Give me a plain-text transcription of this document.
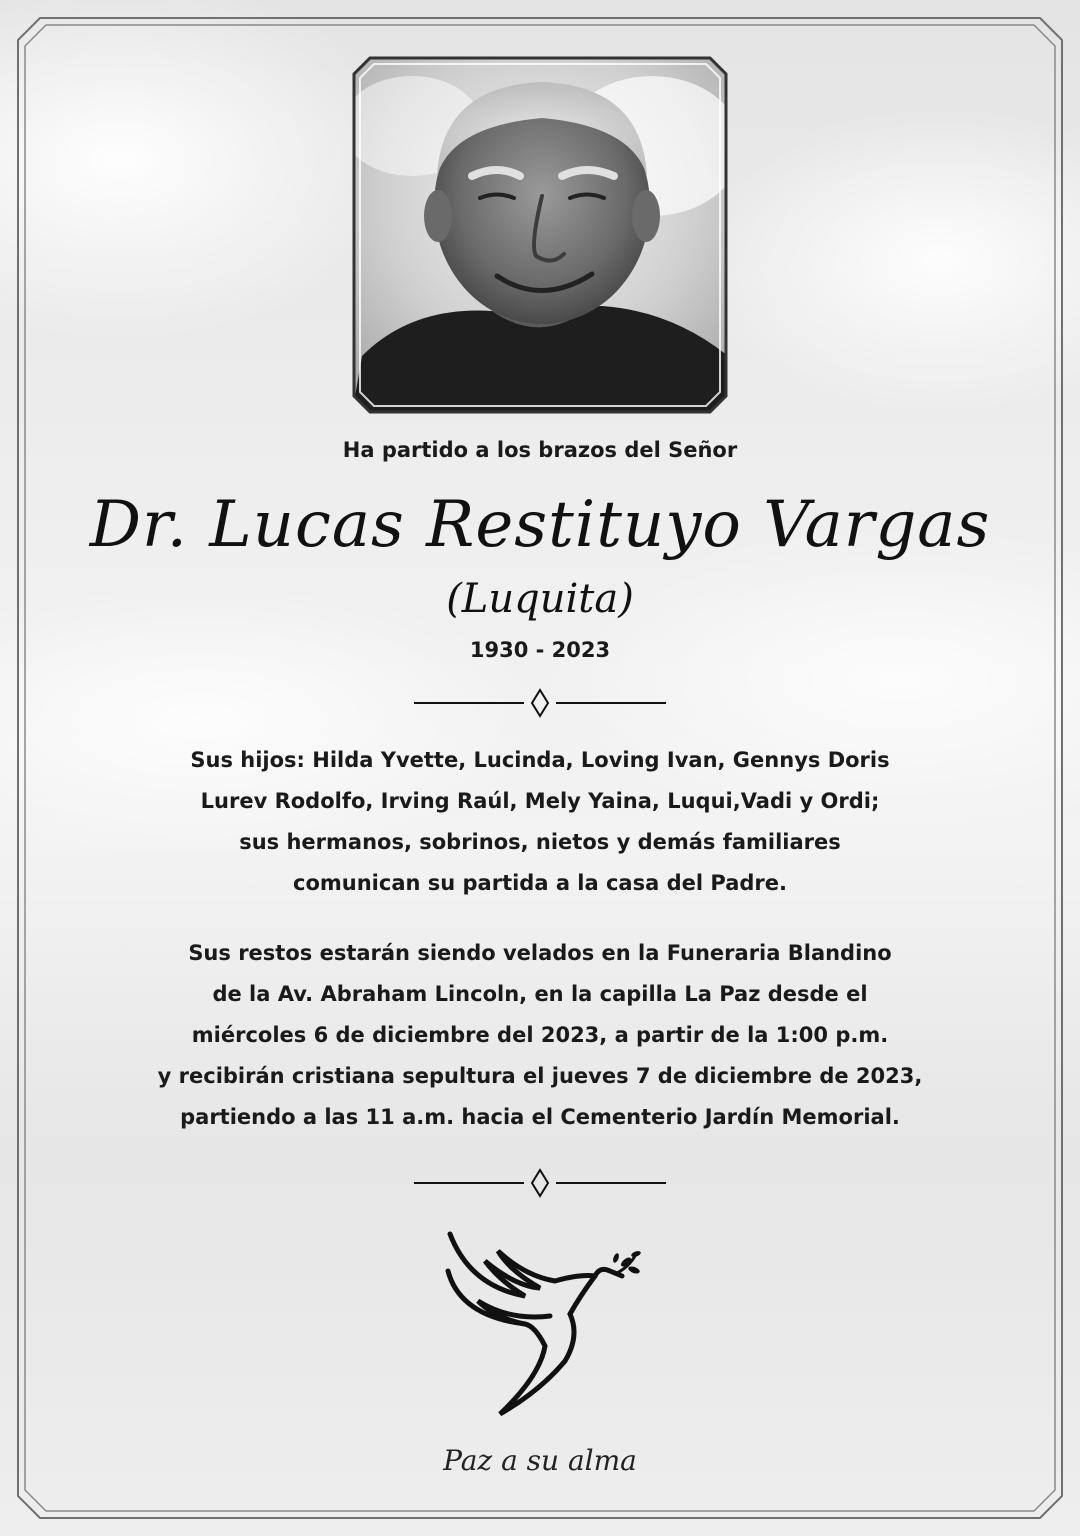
Ha partido a los brazos del Señor
Dr. Lucas Restituyo Vargas
(Luquita)
1930 - 2023
Sus hijos: Hilda Yvette, Lucinda, Loving Ivan, Gennys Doris
Lurev Rodolfo, Irving Raúl, Mely Yaina, Luqui,Vadi y Ordi;
sus hermanos, sobrinos, nietos y demás familiares
comunican su partida a la casa del Padre.
Sus restos estarán siendo velados en la Funeraria Blandino
de la Av. Abraham Lincoln, en la capilla La Paz desde el
miércoles 6 de diciembre del 2023, a partir de la 1:00 p.m.
y recibirán cristiana sepultura el jueves 7 de diciembre de 2023,
partiendo a las 11 a.m. hacia el Cementerio Jardín Memorial.
Paz a su alma
